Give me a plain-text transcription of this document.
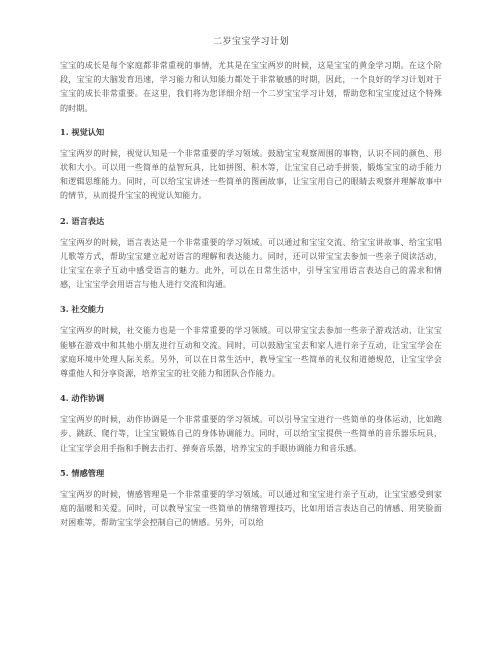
二岁宝宝学习计划

宝宝的成长是每个家庭都非常重视的事情，尤其是在宝宝两岁的时候，这是宝宝的黄金学习期。在这个阶段，宝宝的大脑发育迅速，学习能力和认知能力都处于非常敏感的时期，因此，一个良好的学习计划对于宝宝的成长非常重要。在这里，我们将为您详细介绍一个二岁宝宝学习计划，帮助您和宝宝度过这个特殊的时期。

1. 视觉认知

宝宝两岁的时候，视觉认知是一个非常重要的学习领域。鼓励宝宝观察周围的事物，认识不同的颜色、形状和大小。可以用一些简单的益智玩具，比如拼图、积木等，让宝宝自己动手拼装，锻炼宝宝的动手能力和逻辑思维能力。同时，可以给宝宝讲述一些简单的图画故事，让宝宝用自己的眼睛去观察并理解故事中的情节，从而提升宝宝的视觉认知能力。

2. 语言表达

宝宝两岁的时候，语言表达是一个非常重要的学习领域。可以通过和宝宝交流、给宝宝讲故事、给宝宝唱儿歌等方式，帮助宝宝建立起对语言的理解和表达能力。同时，还可以带宝宝去参加一些亲子阅读活动，让宝宝在亲子互动中感受语言的魅力。此外，可以在日常生活中，引导宝宝用语言表达自己的需求和情感，让宝宝学会用语言与他人进行交流和沟通。

3. 社交能力

宝宝两岁的时候，社交能力也是一个非常重要的学习领域。可以带宝宝去参加一些亲子游戏活动，让宝宝能够在游戏中和其他小朋友进行互动和交流。同时，可以鼓励宝宝去和家人进行亲子互动，让宝宝学会在家庭环境中处理人际关系。另外，可以在日常生活中，教导宝宝一些简单的礼仪和道德规范，让宝宝学会尊重他人和分享资源，培养宝宝的社交能力和团队合作能力。

4. 动作协调

宝宝两岁的时候，动作协调是一个非常重要的学习领域。可以引导宝宝进行一些简单的身体运动，比如跑步、跳跃、爬行等，让宝宝锻炼自己的身体协调能力。同时，可以给宝宝提供一些简单的音乐器乐玩具，让宝宝学会用手指和手腕去击打、弹奏音乐器，培养宝宝的手眼协调能力和音乐感。

5. 情感管理

宝宝两岁的时候，情感管理是一个非常重要的学习领域。可以通过和宝宝进行亲子互动，让宝宝感受到家庭的温暖和关爱。同时，可以教导宝宝一些简单的情绪管理技巧，比如用语言表达自己的情感、用笑脸面对困难等，帮助宝宝学会控制自己的情感。另外，可以给
